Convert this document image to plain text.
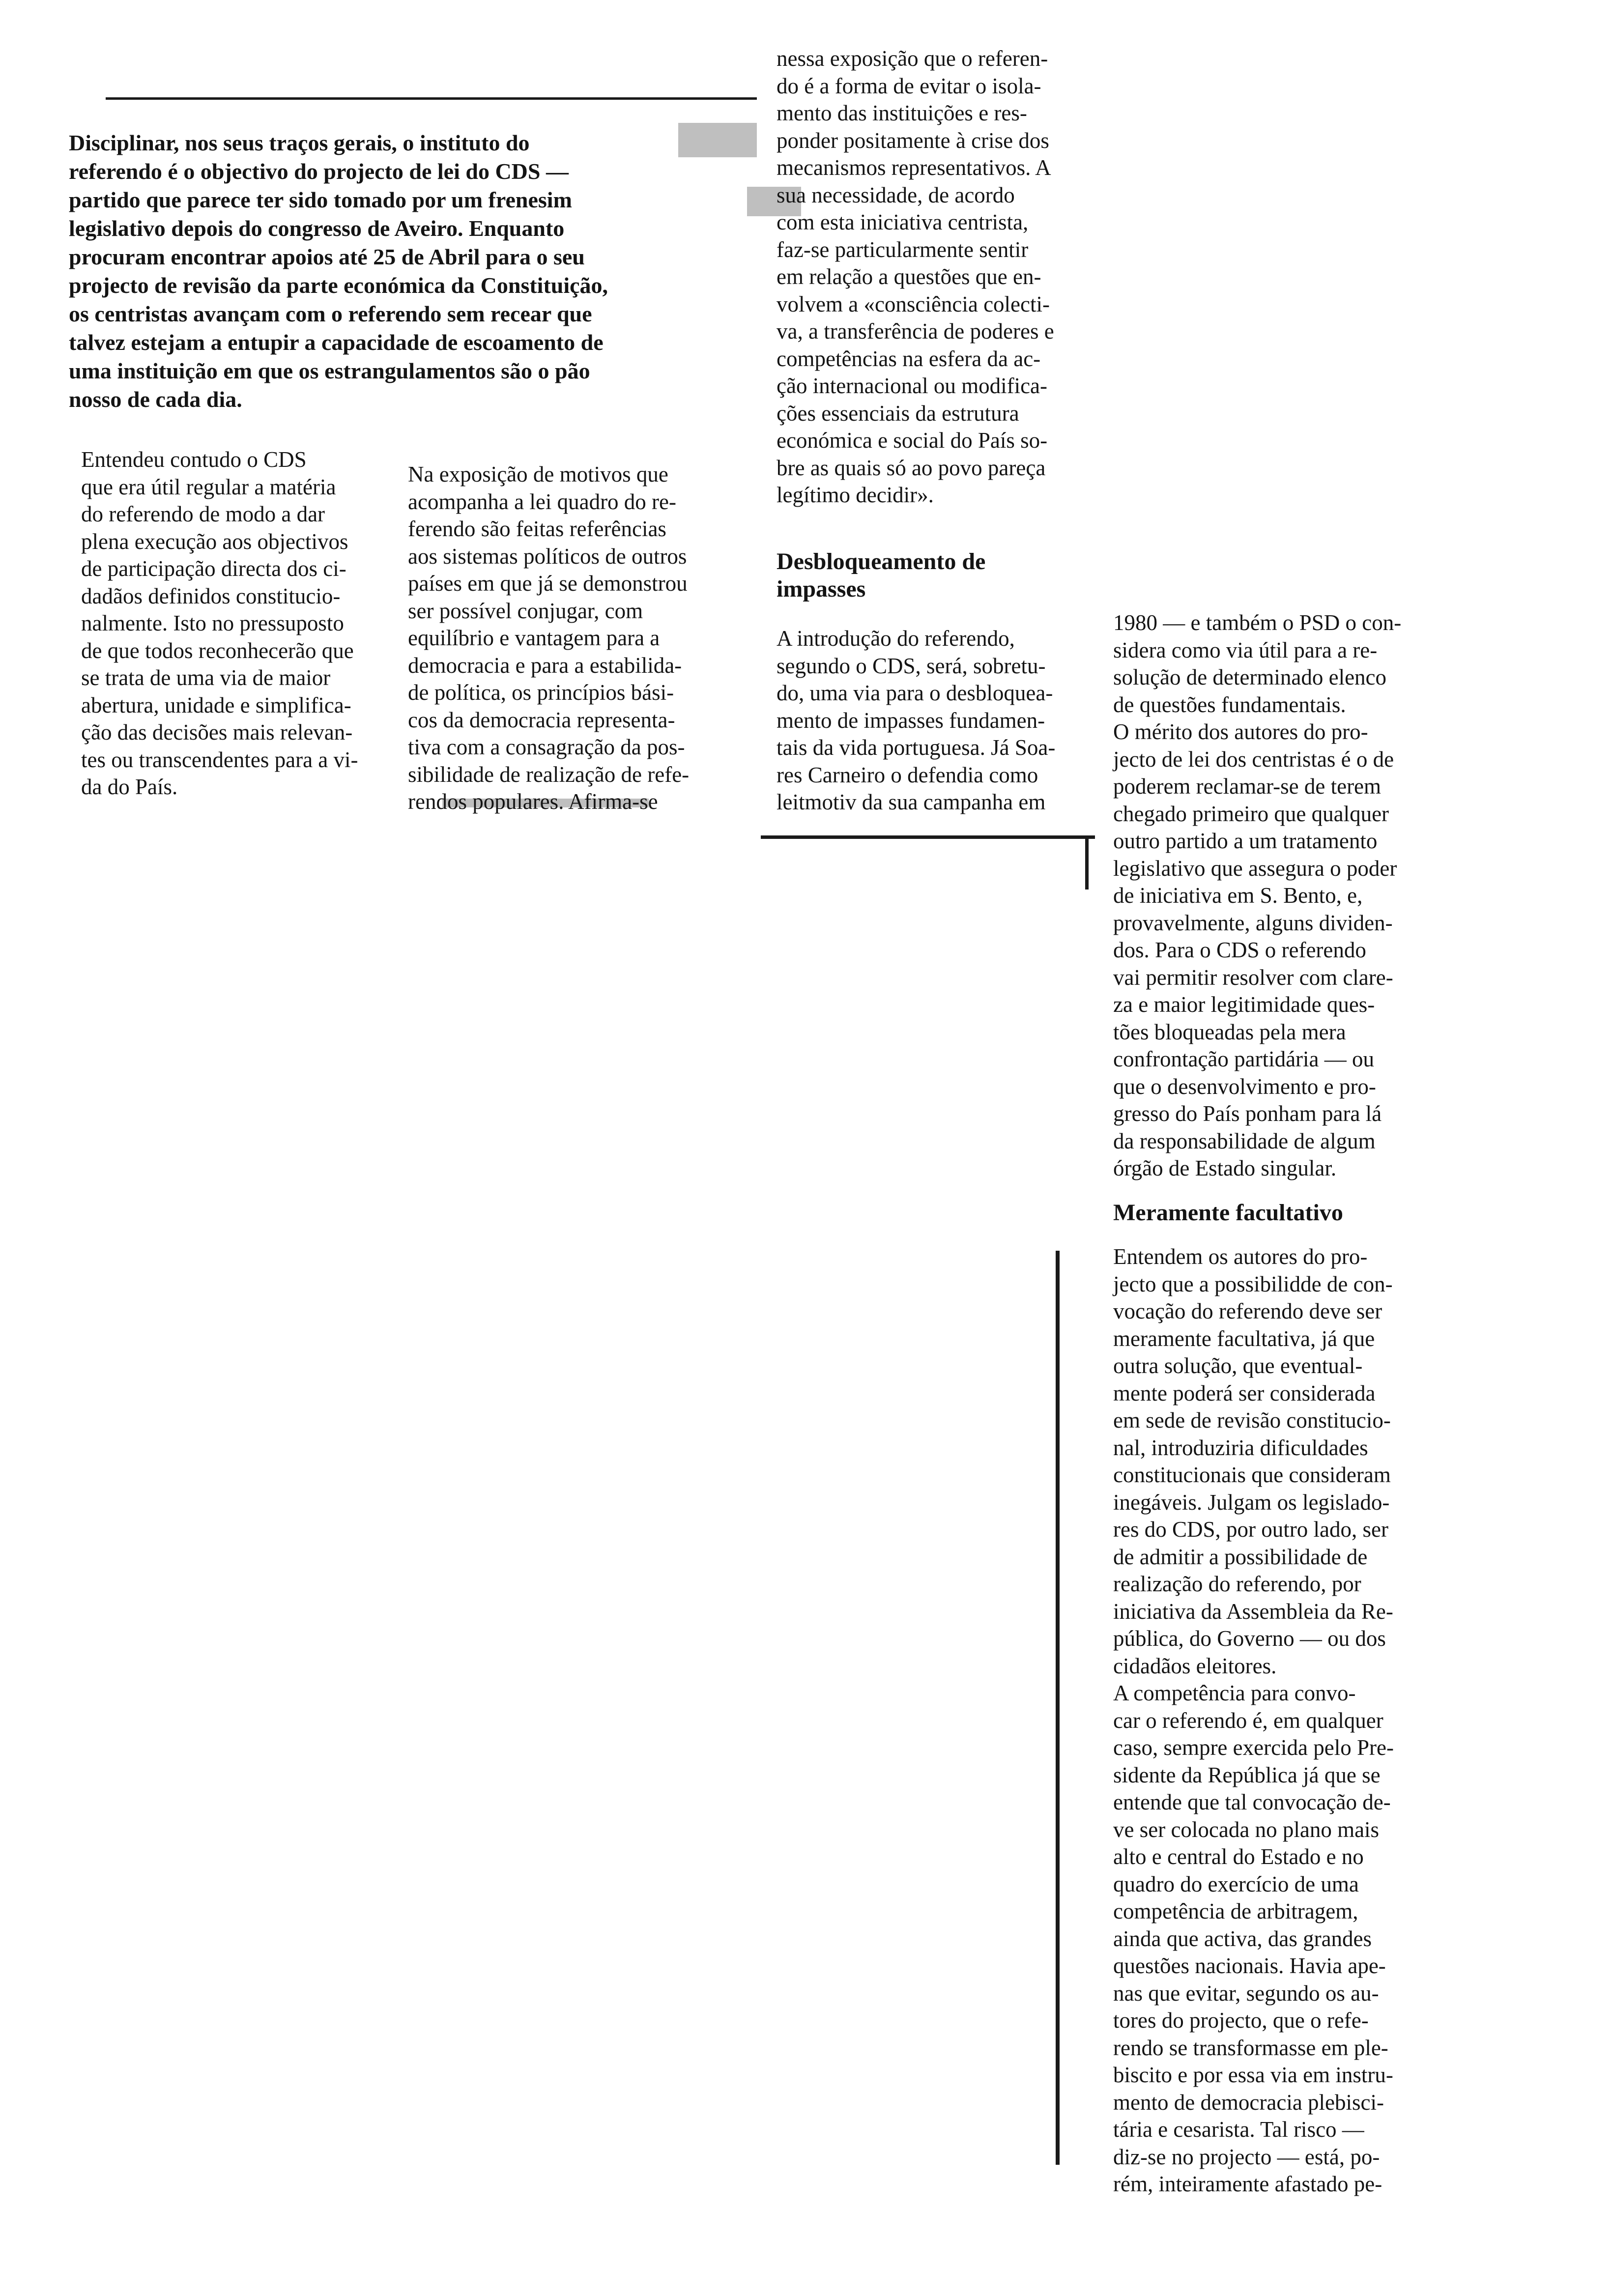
Disciplinar, nos seus traços gerais, o instituto do
referendo é o objectivo do projecto de lei do CDS —
partido que parece ter sido tomado por um frenesim
legislativo depois do congresso de Aveiro. Enquanto
procuram encontrar apoios até 25 de Abril para o seu
projecto de revisão da parte económica da Constituição,
os centristas avançam com o referendo sem recear que
talvez estejam a entupir a capacidade de escoamento de
uma instituição em que os estrangulamentos são o pão
nosso de cada dia.

Entendeu contudo o CDS
que era útil regular a matéria
do referendo de modo a dar
plena execução aos objectivos
de participação directa dos ci-
dadãos definidos constitucio-
nalmente. Isto no pressuposto
de que todos reconhecerão que
se trata de uma via de maior
abertura, unidade e simplifica-
ção das decisões mais relevan-
tes ou transcendentes para a vi-
da do País.

Na exposição de motivos que
acompanha a lei quadro do re-
ferendo são feitas referências
aos sistemas políticos de outros
países em que já se demonstrou
ser possível conjugar, com
equilíbrio e vantagem para a
democracia e para a estabilida-
de política, os princípios bási-
cos da democracia representa-
tiva com a consagração da pos-
sibilidade de realização de refe-
rendos populares. Afirma-se

nessa exposição que o referen-
do é a forma de evitar o isola-
mento das instituições e res-
ponder positamente à crise dos
mecanismos representativos. A
sua necessidade, de acordo
com esta iniciativa centrista,
faz-se particularmente sentir
em relação a questões que en-
volvem a «consciência colecti-
va, a transferência de poderes e
competências na esfera da ac-
ção internacional ou modifica-
ções essenciais da estrutura
económica e social do País so-
bre as quais só ao povo pareça
legítimo decidir».

Desbloqueamento de
impasses

A introdução do referendo,
segundo o CDS, será, sobretu-
do, uma via para o desbloquea-
mento de impasses fundamen-
tais da vida portuguesa. Já Soa-
res Carneiro o defendia como
leitmotiv da sua campanha em

1980 — e também o PSD o con-
sidera como via útil para a re-
solução de determinado elenco
de questões fundamentais.
O mérito dos autores do pro-
jecto de lei dos centristas é o de
poderem reclamar-se de terem
chegado primeiro que qualquer
outro partido a um tratamento
legislativo que assegura o poder
de iniciativa em S. Bento, e,
provavelmente, alguns dividen-
dos. Para o CDS o referendo
vai permitir resolver com clare-
za e maior legitimidade ques-
tões bloqueadas pela mera
confrontação partidária — ou
que o desenvolvimento e pro-
gresso do País ponham para lá
da responsabilidade de algum
órgão de Estado singular.

Meramente facultativo

Entendem os autores do pro-
jecto que a possibilidde de con-
vocação do referendo deve ser
meramente facultativa, já que
outra solução, que eventual-
mente poderá ser considerada
em sede de revisão constitucio-
nal, introduziria dificuldades
constitucionais que consideram
inegáveis. Julgam os legislado-
res do CDS, por outro lado, ser
de admitir a possibilidade de
realização do referendo, por
iniciativa da Assembleia da Re-
pública, do Governo — ou dos
cidadãos eleitores.
A competência para convo-
car o referendo é, em qualquer
caso, sempre exercida pelo Pre-
sidente da República já que se
entende que tal convocação de-
ve ser colocada no plano mais
alto e central do Estado e no
quadro do exercício de uma
competência de arbitragem,
ainda que activa, das grandes
questões nacionais. Havia ape-
nas que evitar, segundo os au-
tores do projecto, que o refe-
rendo se transformasse em ple-
biscito e por essa via em instru-
mento de democracia plebisci-
tária e cesarista. Tal risco —
diz-se no projecto — está, po-
rém, inteiramente afastado pe-
